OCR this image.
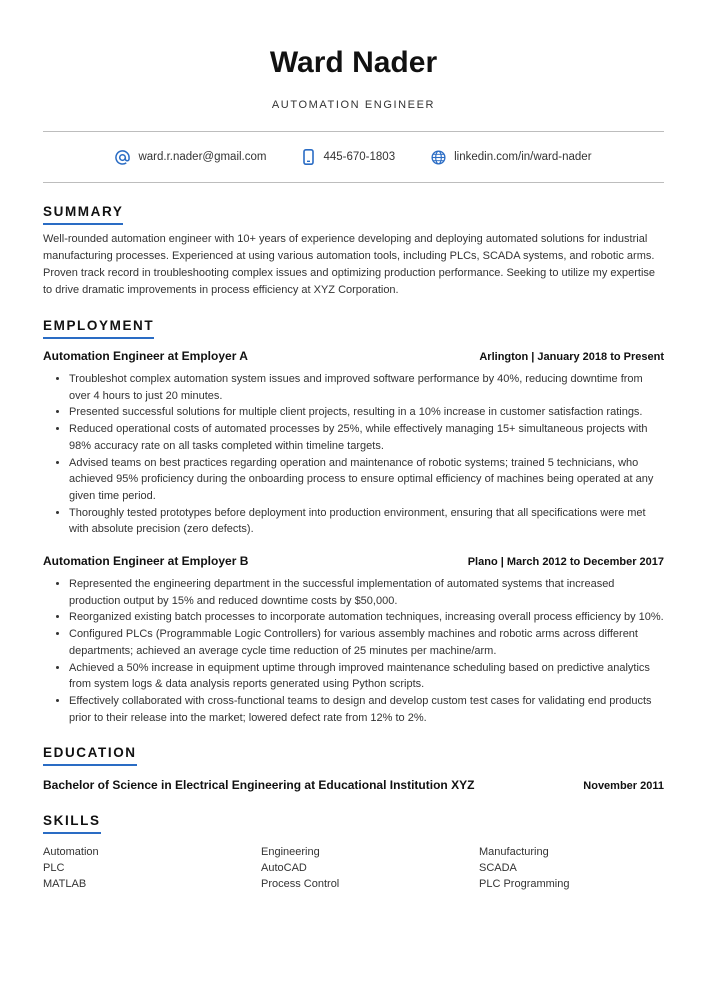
Ward Nader
AUTOMATION ENGINEER
ward.r.nader@gmail.com	445-670-1803	linkedin.com/in/ward-nader
SUMMARY

Well-rounded automation engineer with 10+ years of experience developing and deploying automated solutions for industrial manufacturing processes. Experienced at using various automation tools, including PLCs, SCADA systems, and robotic arms. Proven track record in troubleshooting complex issues and optimizing production performance. Seeking to utilize my expertise to drive dramatic improvements in process efficiency at XYZ Corporation.

EMPLOYMENT
Automation Engineer at Employer A	Arlington | January 2018 to Present
• Troubleshot complex automation system issues and improved software performance by 40%, reducing downtime from over 4 hours to just 20 minutes.
• Presented successful solutions for multiple client projects, resulting in a 10% increase in customer satisfaction ratings.
• Reduced operational costs of automated processes by 25%, while effectively managing 15+ simultaneous projects with 98% accuracy rate on all tasks completed within timeline targets.
• Advised teams on best practices regarding operation and maintenance of robotic systems; trained 5 technicians, who achieved 95% proficiency during the onboarding process to ensure optimal efficiency of machines being operated at any given time period.
• Thoroughly tested prototypes before deployment into production environment, ensuring that all specifications were met with absolute precision (zero defects).
Automation Engineer at Employer B	Plano | March 2012 to December 2017
• Represented the engineering department in the successful implementation of automated systems that increased production output by 15% and reduced downtime costs by $50,000.
• Reorganized existing batch processes to incorporate automation techniques, increasing overall process efficiency by 10%.
• Configured PLCs (Programmable Logic Controllers) for various assembly machines and robotic arms across different departments; achieved an average cycle time reduction of 25 minutes per machine/arm.
• Achieved a 50% increase in equipment uptime through improved maintenance scheduling based on predictive analytics from system logs & data analysis reports generated using Python scripts.
• Effectively collaborated with cross-functional teams to design and develop custom test cases for validating end products prior to their release into the market; lowered defect rate from 12% to 2%.
EDUCATION
Bachelor of Science in Electrical Engineering at Educational Institution XYZ	November 2011
SKILLS
Automation	Engineering	Manufacturing
PLC	AutoCAD	SCADA
MATLAB	Process Control	PLC Programming
